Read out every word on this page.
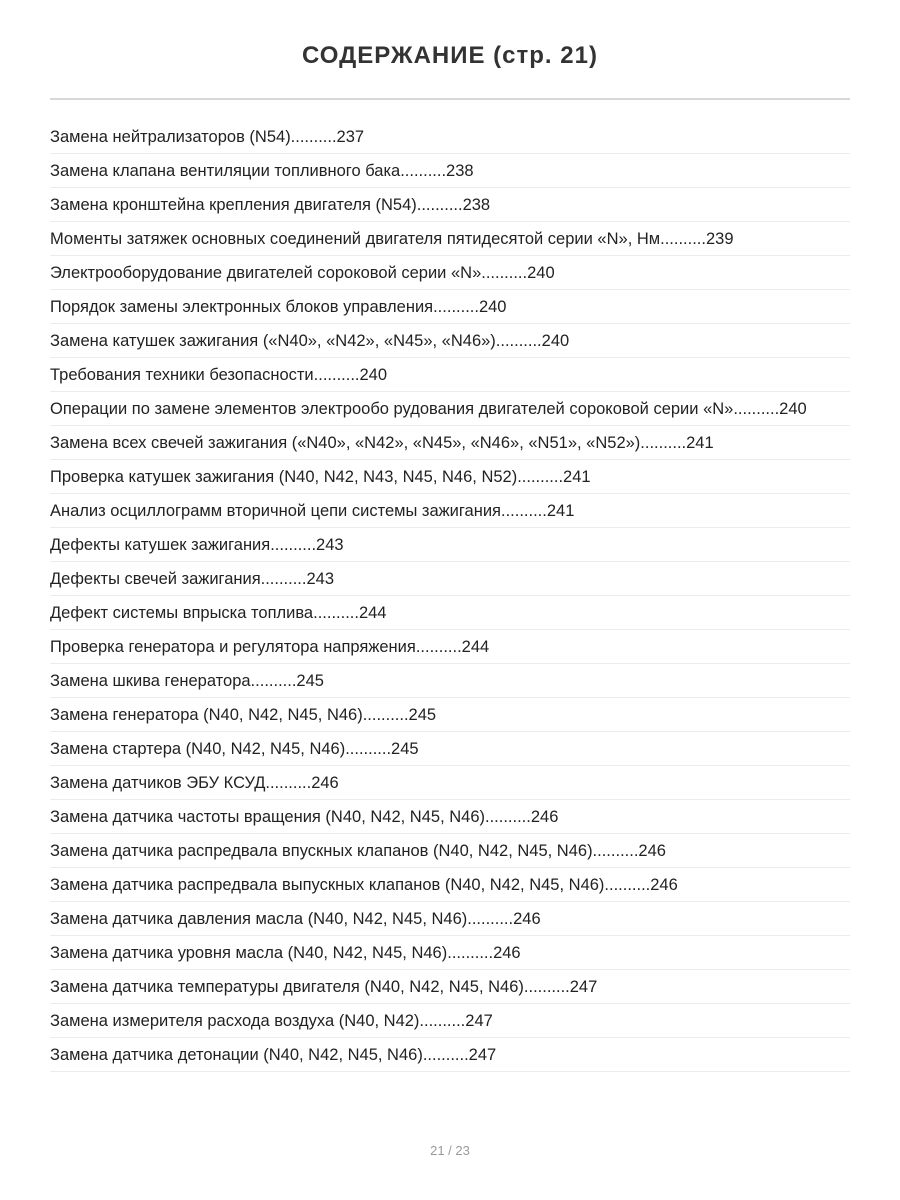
СОДЕРЖАНИЕ (стр. 21)
Замена нейтрализаторов (N54)..........237
Замена клапана вентиляции топливного бака..........238
Замена кронштейна крепления двигателя (N54)..........238
Моменты затяжек основных соединений двигателя пятидесятой серии «N», Нм..........239
Электрооборудование двигателей сороковой серии «N»..........240
Порядок замены электронных блоков управления..........240
Замена катушек зажигания («N40», «N42», «N45», «N46»)..........240
Требования техники безопасности..........240
Операции по замене элементов электрообо рудования двигателей сороковой серии «N»..........240
Замена всех свечей зажигания («N40», «N42», «N45», «N46», «N51», «N52»)..........241
Проверка катушек зажигания (N40, N42, N43, N45, N46, N52)..........241
Анализ осциллограмм вторичной цепи системы зажигания..........241
Дефекты катушек зажигания..........243
Дефекты свечей зажигания..........243
Дефект системы впрыска топлива..........244
Проверка генератора и регулятора напряжения..........244
Замена шкива генератора..........245
Замена генератора (N40, N42, N45, N46)..........245
Замена стартера (N40, N42, N45, N46)..........245
Замена датчиков ЭБУ КСУД..........246
Замена датчика частоты вращения (N40, N42, N45, N46)..........246
Замена датчика распредвала впускных клапанов (N40, N42, N45, N46)..........246
Замена датчика распредвала выпускных клапанов (N40, N42, N45, N46)..........246
Замена датчика давления масла (N40, N42, N45, N46)..........246
Замена датчика уровня масла (N40, N42, N45, N46)..........246
Замена датчика температуры двигателя (N40, N42, N45, N46)..........247
Замена измерителя расхода воздуха (N40, N42)..........247
Замена датчика детонации (N40, N42, N45, N46)..........247
21 / 23
